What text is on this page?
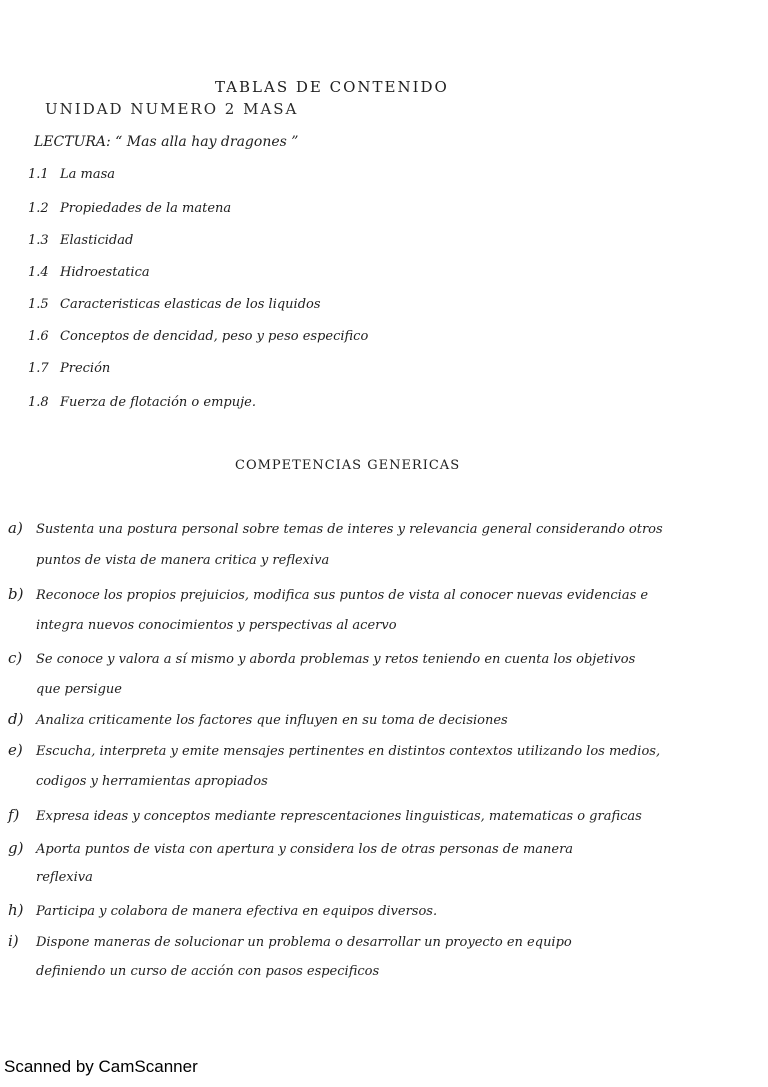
TABLAS DE CONTENIDO
UNIDAD NUMERO 2 MASA
LECTURA: “ Mas alla hay dragones ”
1.1 La masa
1.2 Propiedades de la matena
1.3 Elasticidad
1.4 Hidroestatica
1.5 Caracteristicas elasticas de los liquidos
1.6 Conceptos de dencidad, peso y peso especifico
1.7 Preción
1.8 Fuerza de flotación o empuje.
COMPETENCIAS GENERICAS
a) Sustenta una postura personal sobre temas de interes y relevancia general considerando otros
puntos de vista de manera critica y reflexiva
b) Reconoce los propios prejuicios, modifica sus puntos de vista al conocer nuevas evidencias e
integra nuevos conocimientos y perspectivas al acervo
c) Se conoce y valora a sí mismo y aborda problemas y retos teniendo en cuenta los objetivos
que persigue
d) Analiza criticamente los factores que influyen en su toma de decisiones
e) Escucha, interpreta y emite mensajes pertinentes en distintos contextos utilizando los medios,
codigos y herramientas apropiados
f) Expresa ideas y conceptos mediante represcentaciones linguisticas, matematicas o graficas
g) Aporta puntos de vista con apertura y considera los de otras personas de manera
reflexiva
h) Participa y colabora de manera efectiva en equipos diversos.
i) Dispone maneras de solucionar un problema o desarrollar un proyecto en equipo
definiendo un curso de acción con pasos especificos
Scanned by CamScanner
